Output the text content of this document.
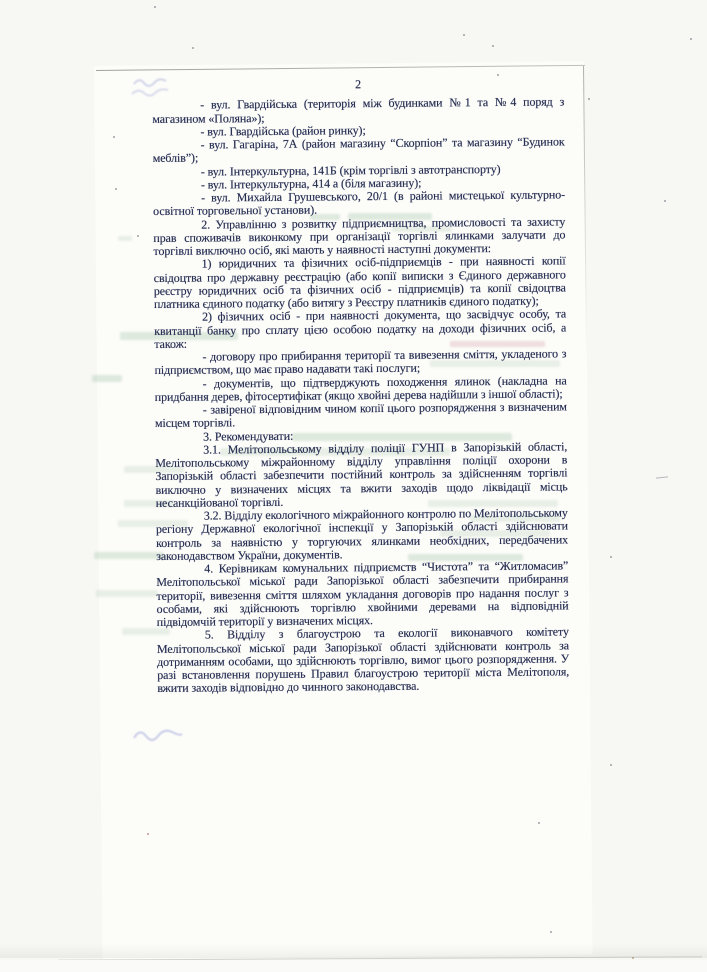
2

- вул. Гвардійська (територія між будинками №1 та №4 поряд з магазином «Поляна»);

- вул. Гвардійська (район ринку);

- вул. Гагаріна, 7А (район магазину “Скорпіон” та магазину “Будинок меблів”);

- вул. Інтеркультурна, 141Б (крім торгівлі з автотранспорту)

- вул. Інтеркультурна, 414 а (біля магазину);

- вул. Михайла Грушевського, 20/1 (в районі мистецької культурно-освітної торговельної установи).

2. Управлінню з розвитку підприємництва, промисловості та захисту прав споживачів виконкому при організації торгівлі ялинками залучати до торгівлі виключно осіб, які мають у наявності наступні документи:

1) юридичних та фізичних осіб-підприємців - при наявності копії свідоцтва про державну реєстрацію (або копії виписки з Єдиного державного реєстру юридичних осіб та фізичних осіб - підприємців) та копії свідоцтва платника єдиного податку (або витягу з Реєстру платників єдиного податку);

2) фізичних осіб - при наявності документа, що засвідчує особу, та квитанції банку про сплату цією особою податку на доходи фізичних осіб, а також:

- договору про прибирання території та вивезення сміття, укладеного з підприємством, що має право надавати такі послуги;

- документів, що підтверджують походження ялинок (накладна на придбання дерев, фітосертифікат (якщо хвойні дерева надійшли з іншої області);

- завіреної відповідним чином копії цього розпорядження з визначеним місцем торгівлі.

3. Рекомендувати:

3.1. Мелітопольському відділу поліції ГУНП в Запорізькій області, Мелітопольському міжрайонному відділу управління поліції охорони в Запорізькій області забезпечити постійний контроль за здійсненням торгівлі виключно у визначених місцях та вжити заходів щодо ліквідації місць несанкційованої торгівлі.

3.2. Відділу екологічного міжрайонного контролю по Мелітопольському регіону Державної екологічної інспекції у Запорізькій області здійснювати контроль за наявністю у торгуючих ялинками необхідних, передбачених законодавством України, документів.

4. Керівникам комунальних підприємств “Чистота” та “Житломасив” Мелітопольської міської ради Запорізької області забезпечити прибирання території, вивезення сміття шляхом укладання договорів про надання послуг з особами, які здійснюють торгівлю хвойними деревами на відповідній підвідомчій території у визначених місцях.

5. Відділу з благоустрою та екології виконавчого комітету Мелітопольської міської ради Запорізької області здійснювати контроль за дотриманням особами, що здійснюють торгівлю, вимог цього розпорядження. У разі встановлення порушень Правил благоустрою території міста Мелітополя, вжити заходів відповідно до чинного законодавства.
